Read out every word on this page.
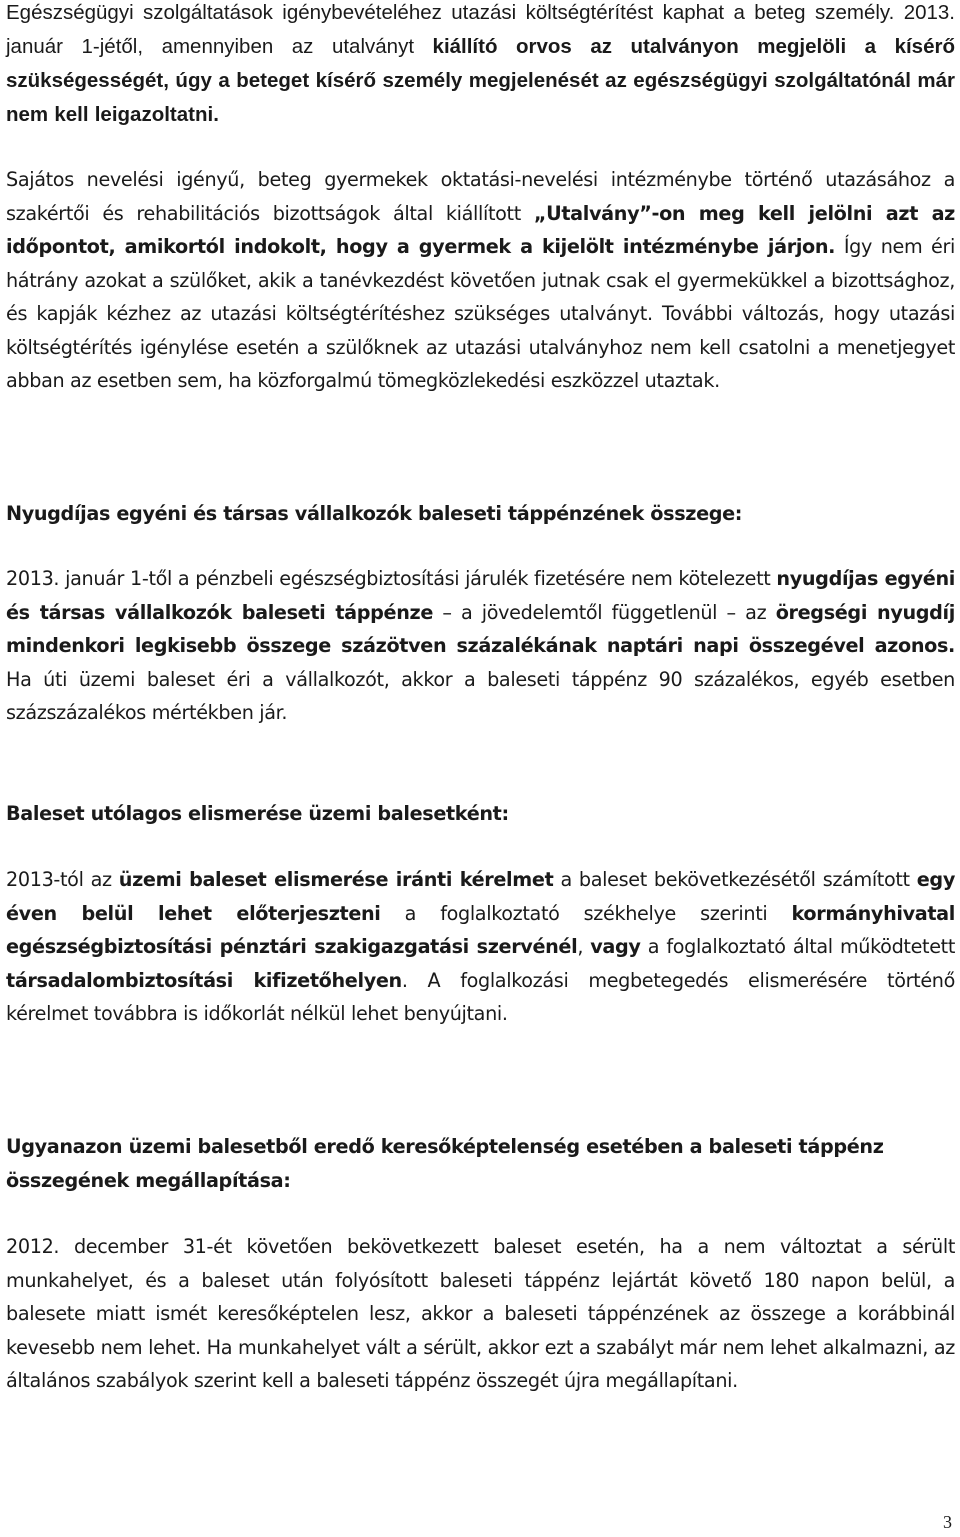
Egészségügyi szolgáltatások igénybevételéhez utazási költségtérítést kaphat a beteg személy. 2013. január 1-jétől, amennyiben az utalványt kiállító orvos az utalványon megjelöli a kísérő szükségességét, úgy a beteget kísérő személy megjelenését az egészségügyi szolgáltatónál már nem kell leigazoltatni.

Sajátos nevelési igényű, beteg gyermekek oktatási-nevelési intézménybe történő utazásához a szakértői és rehabilitációs bizottságok által kiállított „Utalvány”-on meg kell jelölni azt az időpontot, amikortól indokolt, hogy a gyermek a kijelölt intézménybe járjon. Így nem éri hátrány azokat a szülőket, akik a tanévkezdést követően jutnak csak el gyermekükkel a bizottsághoz, és kapják kézhez az utazási költségtérítéshez szükséges utalványt. További változás, hogy utazási költségtérítés igénylése esetén a szülőknek az utazási utalványhoz nem kell csatolni a menetjegyet abban az esetben sem, ha közforgalmú tömegközlekedési eszközzel utaztak.

Nyugdíjas egyéni és társas vállalkozók baleseti táppénzének összege:

2013. január 1-től a pénzbeli egészségbiztosítási járulék fizetésére nem kötelezett nyugdíjas egyéni és társas vállalkozók baleseti táppénze – a jövedelemtől függetlenül – az öregségi nyugdíj mindenkori legkisebb összege százötven százalékának naptári napi összegével azonos. Ha úti üzemi baleset éri a vállalkozót, akkor a baleseti táppénz 90 százalékos, egyéb esetben százszázalékos mértékben jár.

Baleset utólagos elismerése üzemi balesetként:

2013-tól az üzemi baleset elismerése iránti kérelmet a baleset bekövetkezésétől számított egy éven belül lehet előterjeszteni a foglalkoztató székhelye szerinti kormányhivatal egészségbiztosítási pénztári szakigazgatási szervénél, vagy a foglalkoztató által működtetett társadalombiztosítási kifizetőhelyen. A foglalkozási megbetegedés elismerésére történő kérelmet továbbra is időkorlát nélkül lehet benyújtani.

Ugyanazon üzemi balesetből eredő keresőképtelenség esetében a baleseti táppénz összegének megállapítása:

2012. december 31-ét követően bekövetkezett baleset esetén, ha a nem változtat a sérült munkahelyet, és a baleset után folyósított baleseti táppénz lejártát követő 180 napon belül, a balesete miatt ismét keresőképtelen lesz, akkor a baleseti táppénzének az összege a korábbinál kevesebb nem lehet. Ha munkahelyet vált a sérült, akkor ezt a szabályt már nem lehet alkalmazni, az általános szabályok szerint kell a baleseti táppénz összegét újra megállapítani.

3
